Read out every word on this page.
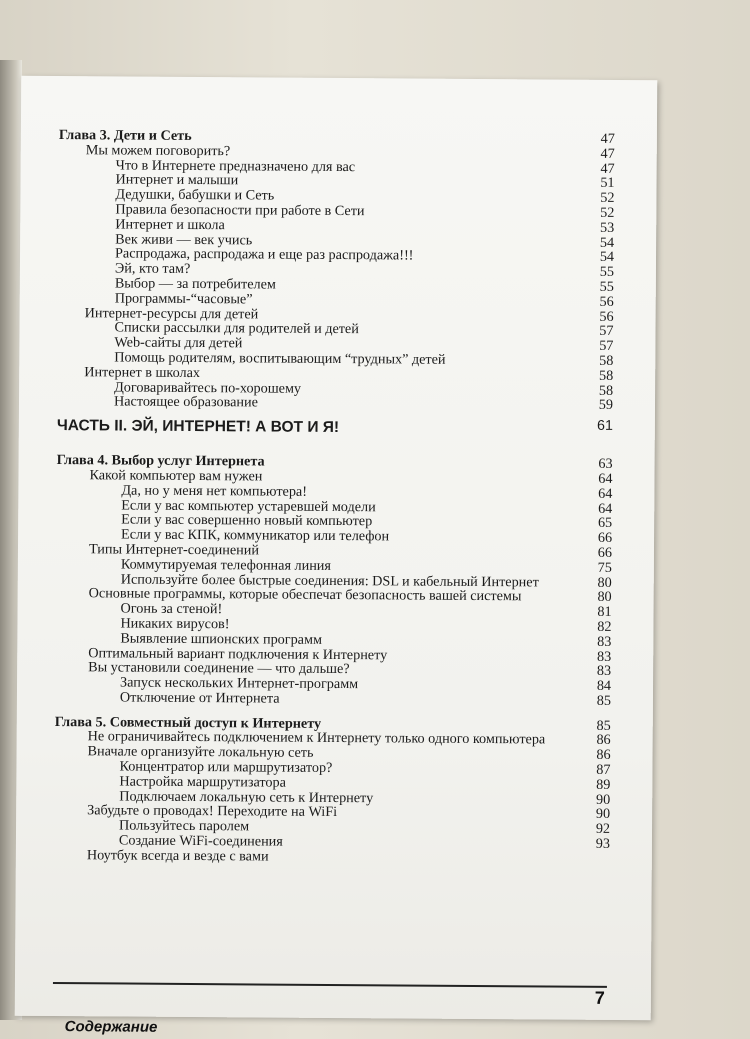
Глава 3. Дети и Сеть	47
Мы можем поговорить?	47
Что в Интернете предназначено для вас	47
Интернет и малыши	51
Дедушки, бабушки и Сеть	52
Правила безопасности при работе в Сети	52
Интернет и школа	53
Век живи — век учись	54
Распродажа, распродажа и еще раз распродажа!!!	54
Эй, кто там?	55
Выбор — за потребителем	55
Программы-“часовые”	56
Интернет-ресурсы для детей	56
Списки рассылки для родителей и детей	57
Web-сайты для детей	57
Помощь родителям, воспитывающим “трудных” детей	58
Интернет в школах	58
Договаривайтесь по-хорошему	58
Настоящее образование	59
ЧАСТЬ II. ЭЙ, ИНТЕРНЕТ! А ВОТ И Я!	61
Глава 4. Выбор услуг Интернета	63
Какой компьютер вам нужен	64
Да, но у меня нет компьютера!	64
Если у вас компьютер устаревшей модели	64
Если у вас совершенно новый компьютер	65
Если у вас КПК, коммуникатор или телефон	66
Типы Интернет-соединений	66
Коммутируемая телефонная линия	75
Используйте более быстрые соединения: DSL и кабельный Интернет	80
Основные программы, которые обеспечат безопасность вашей системы	80
Огонь за стеной!	81
Никаких вирусов!	82
Выявление шпионских программ	83
Оптимальный вариант подключения к Интернету	83
Вы установили соединение — что дальше?	83
Запуск нескольких Интернет-программ	84
Отключение от Интернета	85
Глава 5. Совместный доступ к Интернету	85
Не ограничивайтесь подключением к Интернету только одного компьютера	86
Вначале организуйте локальную сеть	86
Концентратор или маршрутизатор?	87
Настройка маршрутизатора	89
Подключаем локальную сеть к Интернету	90
Забудьте о проводах! Переходите на WiFi	90
Пользуйтесь паролем	92
Создание WiFi-соединения	93
Ноутбук всегда и везде с вами
7
Содержание
